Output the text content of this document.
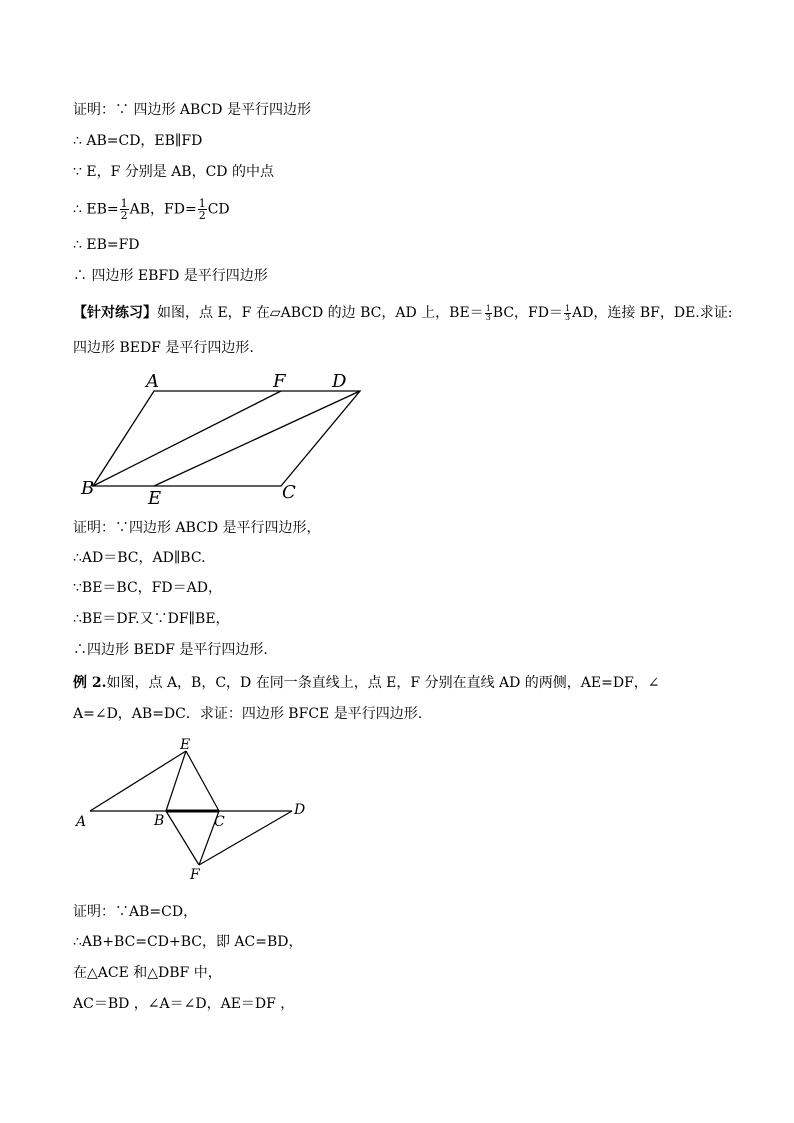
证明：∵ 四边形 ABCD 是平行四边形
∴ AB=CD，EB∥FD
∵ E，F 分别是 AB，CD 的中点
∴ $EB= \frac{1}{2}$ AB，$FD= \frac{1}{2}$ CD
∴ EB=FD
∴ 四边形 EBFD 是平行四边形
【针对练习】如图，点 E，F 在▱ABCD 的边 BC，AD 上，$BE= \frac{1}{3}$ BC，$FD= \frac{1}{3}$ AD，连接 BF，DE.求证:
四边形 BEDF 是平行四边形.
A	F	D
B	E	C
证明：∵四边形 ABCD 是平行四边形，
∴AD＝BC，AD∥BC.
∵BE＝BC，FD＝AD，
∴BE＝DF.又∵DF∥BE，
∴四边形 BEDF 是平行四边形.
例 2.如图，点 A，B，C，D 在同一条直线上，点 E，F 分别在直线 AD 的两侧，AE=DF，∠
A=∠D，AB=DC．求证：四边形 BFCE 是平行四边形.
E
A	B	C
D
F
证明：∵AB=CD，
∴AB+BC=CD+BC，即 AC=BD，
在△ACE 和△DBF 中，
AC＝BD ，∠A＝∠D，AE＝DF ，
